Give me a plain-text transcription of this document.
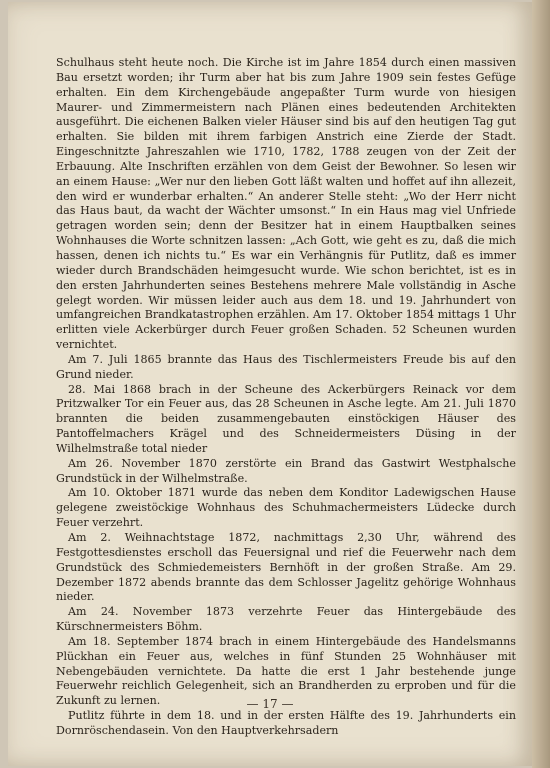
Schulhaus steht heute noch. Die Kirche ist im Jahre 1854 durch einen massiven Bau ersetzt worden; ihr Turm aber hat bis zum Jahre 1909 sein festes Gefüge erhalten. Ein dem Kirchengebäude angepaßter Turm wurde von hiesigen Maurer- und Zimmermeistern nach Plänen eines bedeutenden Architekten ausgeführt. Die eichenen Balken vieler Häuser sind bis auf den heutigen Tag gut erhalten. Sie bilden mit ihrem farbigen Anstrich eine Zierde der Stadt. Eingeschnitzte Jahreszahlen wie 1710, 1782, 1788 zeugen von der Zeit der Erbauung. Alte Inschriften erzählen von dem Geist der Bewohner. So lesen wir an einem Hause: „Wer nur den lieben Gott läßt walten und hoffet auf ihn allezeit, den wird er wunderbar erhalten.“ An anderer Stelle steht: „Wo der Herr nicht das Haus baut, da wacht der Wächter umsonst.“ In ein Haus mag viel Unfriede getragen worden sein; denn der Besitzer hat in einem Hauptbalken seines Wohnhauses die Worte schnitzen lassen: „Ach Gott, wie geht es zu, daß die mich hassen, denen ich nichts tu.“ Es war ein Verhängnis für Putlitz, daß es immer wieder durch Brandschäden heimgesucht wurde. Wie schon berichtet, ist es in den ersten Jahrhunderten seines Bestehens mehrere Male vollständig in Asche gelegt worden. Wir müssen leider auch aus dem 18. und 19. Jahrhundert von umfangreichen Brandkatastrophen erzählen. Am 17. Oktober 1854 mittags 1 Uhr erlitten viele Ackerbürger durch Feuer großen Schaden. 52 Scheunen wurden vernichtet.

Am 7. Juli 1865 brannte das Haus des Tischlermeisters Freude bis auf den Grund nieder.

28. Mai 1868 brach in der Scheune des Ackerbürgers Reinack vor dem Pritzwalker Tor ein Feuer aus, das 28 Scheunen in Asche legte. Am 21. Juli 1870 brannten die beiden zusammengebauten einstöckigen Häuser des Pantoffelmachers Krägel und des Schneidermeisters Düsing in der Wilhelmstraße total nieder

Am 26. November 1870 zerstörte ein Brand das Gastwirt Westphalsche Grundstück in der Wilhelmstraße.

Am 10. Oktober 1871 wurde das neben dem Konditor Ladewigschen Hause gelegene zweistöckige Wohnhaus des Schuhmachermeisters Lüdecke durch Feuer verzehrt.

Am 2. Weihnachtstage 1872, nachmittags 2,30 Uhr, während des Festgottesdienstes erscholl das Feuersignal und rief die Feuerwehr nach dem Grundstück des Schmiedemeisters Bernhöft in der großen Straße. Am 29. Dezember 1872 abends brannte das dem Schlosser Jagelitz gehörige Wohnhaus nieder.

Am 24. November 1873 verzehrte Feuer das Hintergebäude des Kürschnermeisters Böhm.

Am 18. September 1874 brach in einem Hintergebäude des Handelsmanns Plückhan ein Feuer aus, welches in fünf Stunden 25 Wohnhäuser mit Nebengebäuden vernichtete. Da hatte die erst 1 Jahr bestehende junge Feuerwehr reichlich Gelegenheit, sich an Brandherden zu erproben und für die Zukunft zu lernen.

Putlitz führte in dem 18. und in der ersten Hälfte des 19. Jahrhunderts ein Dornröschendasein. Von den Hauptverkehrsadern

— 17 —
